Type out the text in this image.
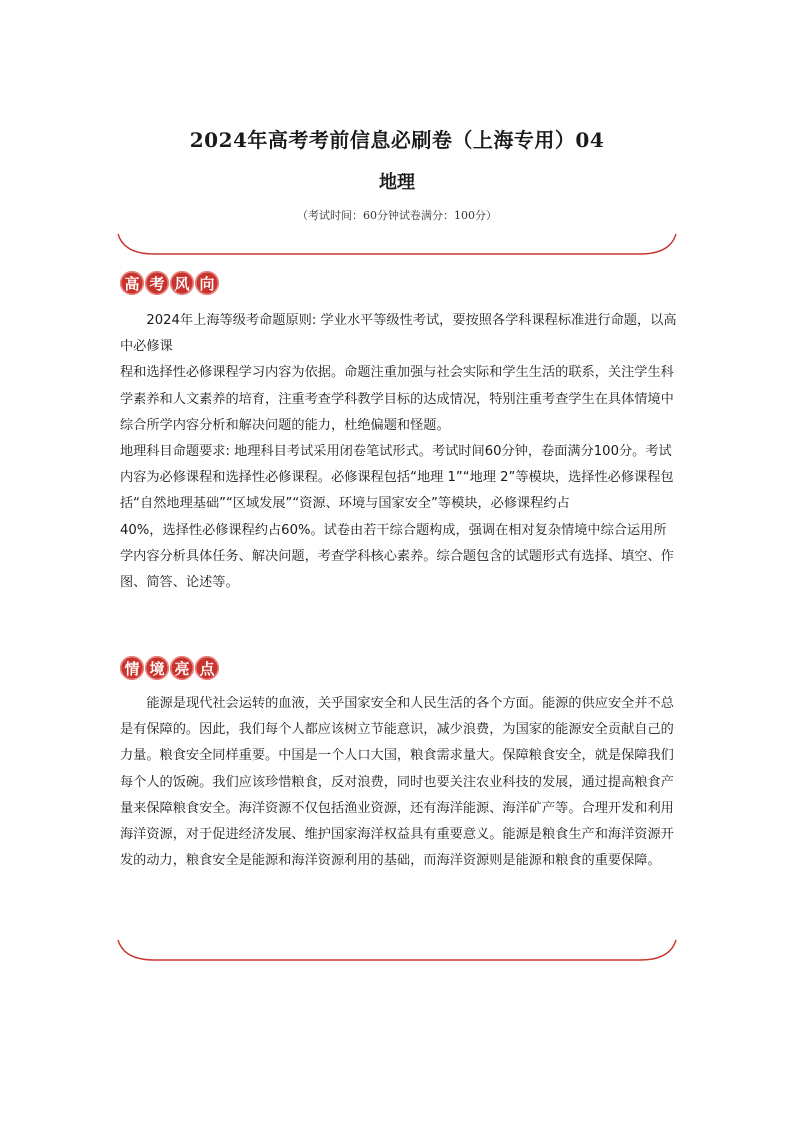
2024年高考考前信息必刷卷（上海专用）04
地理
（考试时间：60分钟试卷满分：100分）
高 考 风 向

2024年上海等级考命题原则: 学业水平等级性考试，要按照各学科课程标准进行命题，以高中必修课

程和选择性必修课程学习内容为依据。命题注重加强与社会实际和学生生活的联系，关注学生科学素养和人文素养的培育，注重考查学科教学目标的达成情况，特别注重考查学生在具体情境中综合所学内容分析和解决问题的能力，杜绝偏题和怪题。

地理科目命题要求: 地理科目考试采用闭卷笔试形式。考试时间60分钟，卷面满分100分。考试内容为必修课程和选择性必修课程。必修课程包括“地理 1”“地理 2”等模块，选择性必修课程包括“自然地理基础”“区域发展”“资源、环境与国家安全”等模块，必修课程约占

40%，选择性必修课程约占60%。试卷由若干综合题构成，强调在相对复杂情境中综合运用所学内容分析具体任务、解决问题，考查学科核心素养。综合题包含的试题形式有选择、填空、作图、简答、论述等。

情 境 亮 点

能源是现代社会运转的血液，关乎国家安全和人民生活的各个方面。能源的供应安全并不总是有保障的。因此，我们每个人都应该树立节能意识，减少浪费，为国家的能源安全贡献自己的力量。粮食安全同样重要。中国是一个人口大国，粮食需求量大。保障粮食安全，就是保障我们每个人的饭碗。我们应该珍惜粮食，反对浪费，同时也要关注农业科技的发展，通过提高粮食产量来保障粮食安全。海洋资源不仅包括渔业资源，还有海洋能源、海洋矿产等。合理开发和利用海洋资源，对于促进经济发展、维护国家海洋权益具有重要意义。能源是粮食生产和海洋资源开发的动力，粮食安全是能源和海洋资源利用的基础，而海洋资源则是能源和粮食的重要保障。
